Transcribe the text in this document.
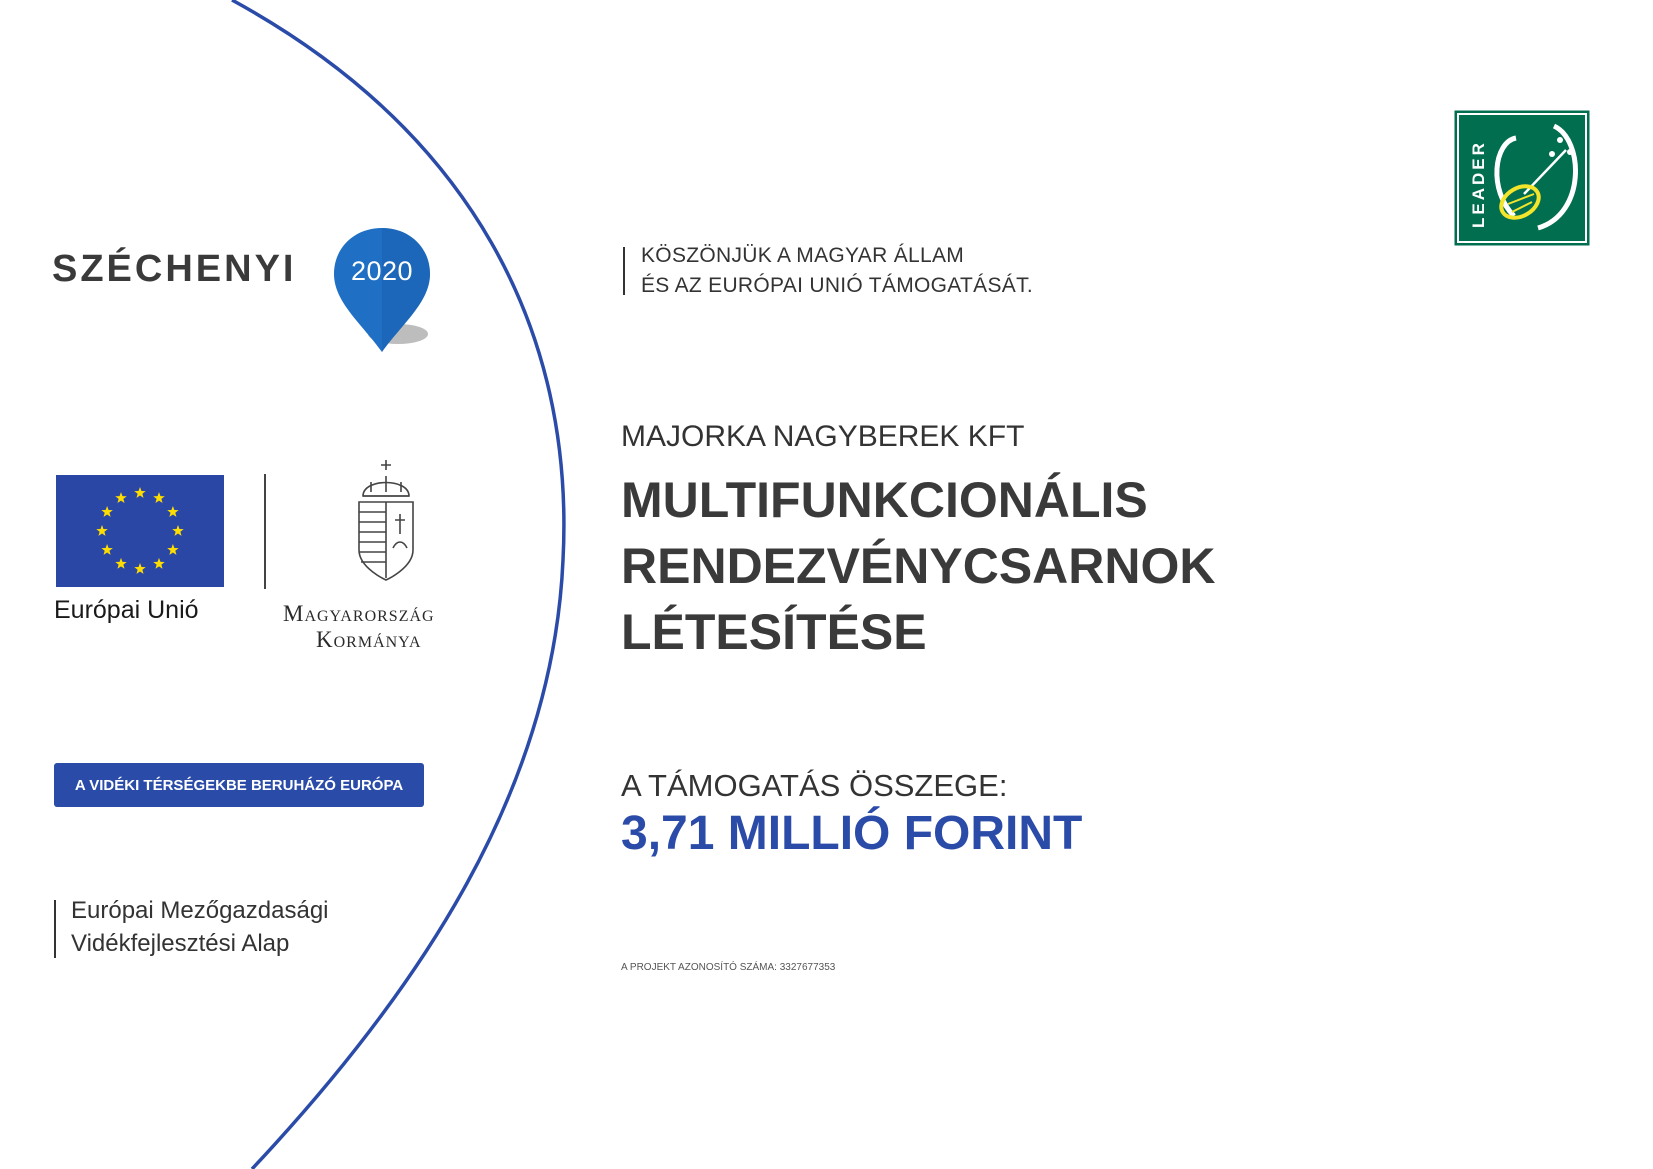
SZÉCHENYI	2020
Európai Unió	Magyarország
Kormánya
A VIDÉKI TÉRSÉGEKBE BERUHÁZÓ EURÓPA
Európai Mezőgazdasági
Vidékfejlesztési Alap
KÖSZÖNJÜK A MAGYAR ÁLLAM
ÉS AZ EURÓPAI UNIÓ TÁMOGATÁSÁT.
MAJORKA NAGYBEREK KFT
MULTIFUNKCIONÁLIS
RENDEZVÉNYCSARNOK
LÉTESÍTÉSE
A TÁMOGATÁS ÖSSZEGE:
3,71 MILLIÓ FORINT
A PROJEKT AZONOSÍTÓ SZÁMA: 3327677353
LEADER
